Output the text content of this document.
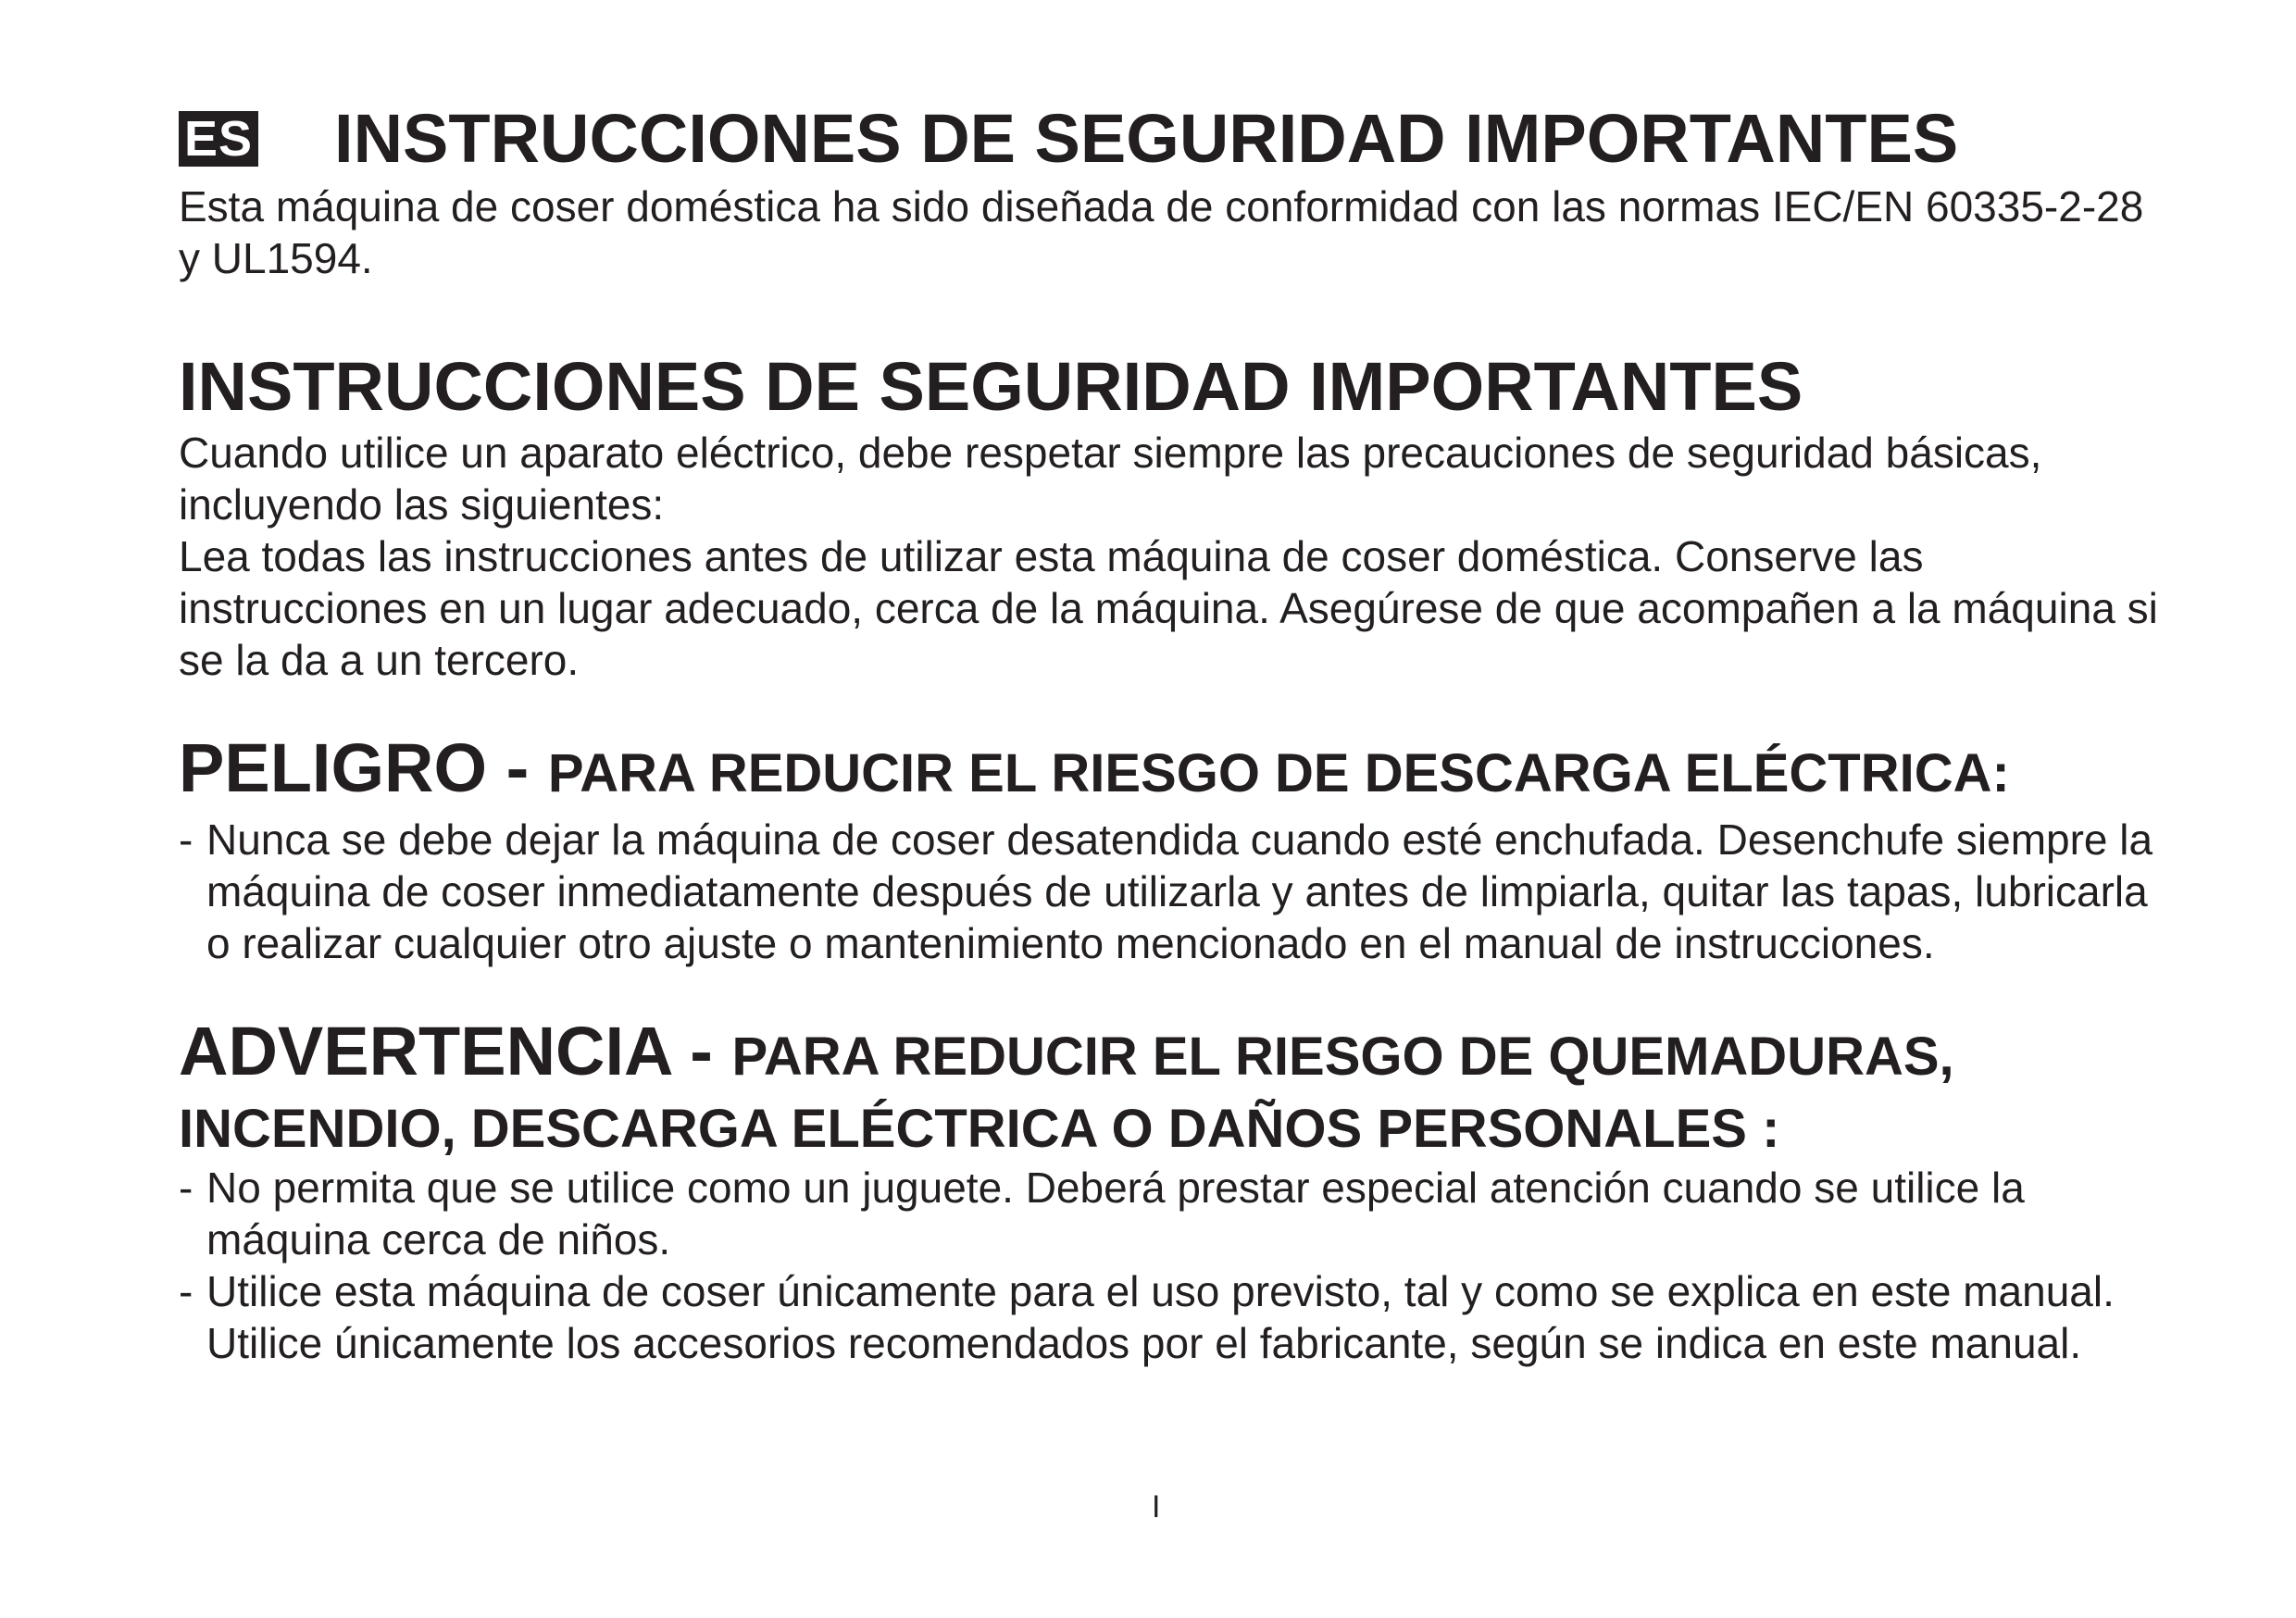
ES INSTRUCCIONES DE SEGURIDAD IMPORTANTES

Esta máquina de coser doméstica ha sido diseñada de conformidad con las normas IEC/EN 60335-2-28 y UL1594.

INSTRUCCIONES DE SEGURIDAD IMPORTANTES

Cuando utilice un aparato eléctrico, debe respetar siempre las precauciones de seguridad básicas, incluyendo las siguientes:

Lea todas las instrucciones antes de utilizar esta máquina de coser doméstica. Conserve las instrucciones en un lugar adecuado, cerca de la máquina. Asegúrese de que acompañen a la máquina si se la da a un tercero.

PELIGRO - PARA REDUCIR EL RIESGO DE DESCARGA ELÉCTRICA:
- Nunca se debe dejar la máquina de coser desatendida cuando esté enchufada. Desenchufe siempre la máquina de coser inmediatamente después de utilizarla y antes de limpiarla, quitar las tapas, lubricarla o realizar cualquier otro ajuste o mantenimiento mencionado en el manual de instrucciones.
ADVERTENCIA - PARA REDUCIR EL RIESGO DE QUEMADURAS,
INCENDIO, DESCARGA ELÉCTRICA O DAÑOS PERSONALES :
- No permita que se utilice como un juguete. Deberá prestar especial atención cuando se utilice la máquina cerca de niños.
- Utilice esta máquina de coser únicamente para el uso previsto, tal y como se explica en este manual. Utilice únicamente los accesorios recomendados por el fabricante, según se indica en este manual.
I
